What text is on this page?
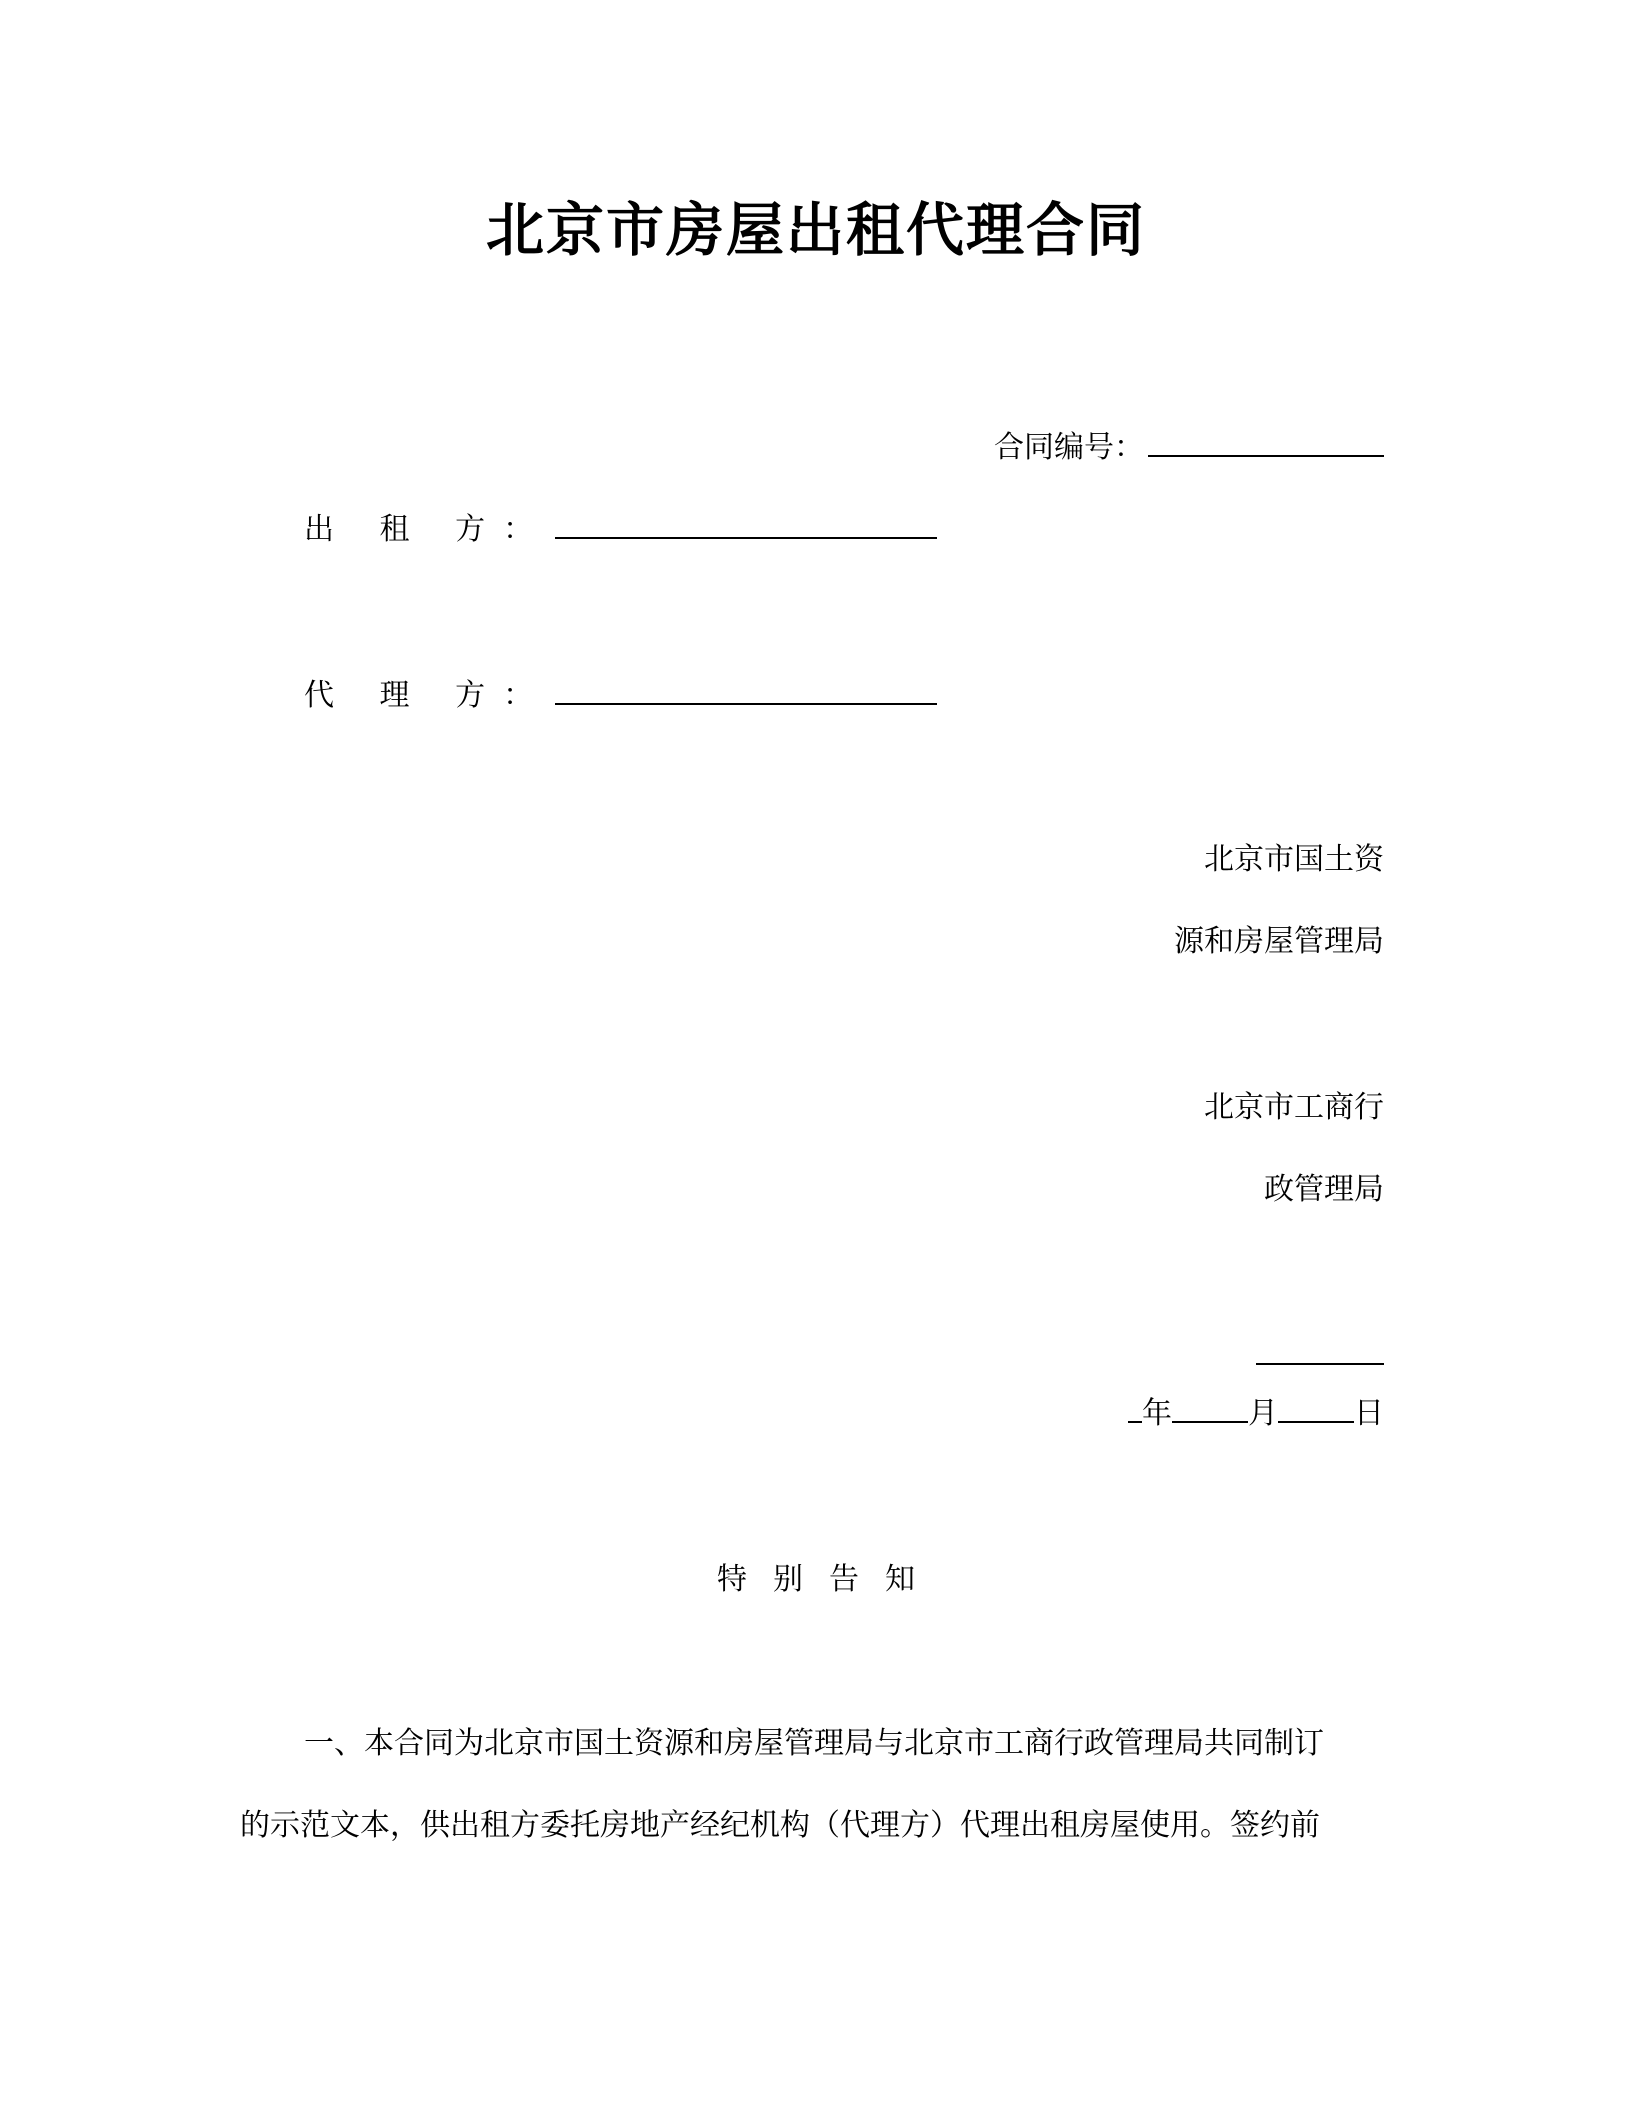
北京市房屋出租代理合同
合同编号：
出 租 方：
代 理 方：
北京市国土资
源和房屋管理局
北京市工商行
政管理局
年	月	日
特别告知
一、本合同为北京市国土资源和房屋管理局与北京市工商行政管理局共同制订
的示范文本，供出租方委托房地产经纪机构（代理方）代理出租房屋使用。签约前
